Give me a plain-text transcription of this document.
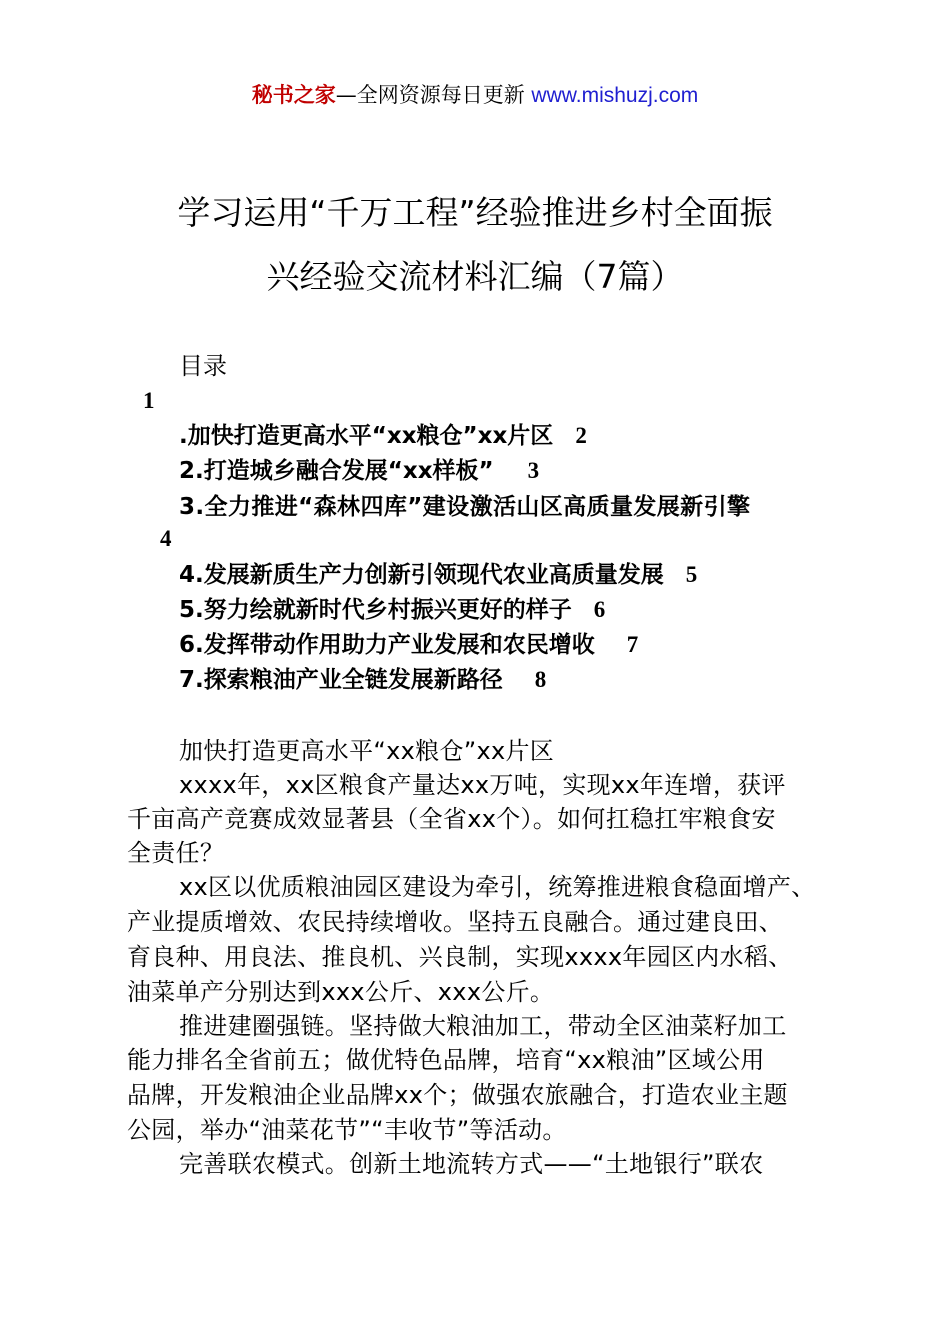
秘书之家—全网资源每日更新 www.mishuzj.com
学习运用“千万工程”经验推进乡村全面振
兴经验交流材料汇编（7篇）
目录
1
.加快打造更高水平“xx粮仓”xx片区 2
2.打造城乡融合发展“xx样板” 3
3.全力推进“森林四库”建设激活山区高质量发展新引擎
4
4.发展新质生产力创新引领现代农业高质量发展 5
5.努力绘就新时代乡村振兴更好的样子 6
6.发挥带动作用助力产业发展和农民增收 7
7.探索粮油产业全链发展新路径 8
加快打造更高水平“xx粮仓”xx片区
xxxx年，xx区粮食产量达xx万吨，实现xx年连增，获评
千亩高产竞赛成效显著县（全省xx个）。如何扛稳扛牢粮食安
全责任？
xx区以优质粮油园区建设为牵引，统筹推进粮食稳面增产、
产业提质增效、农民持续增收。坚持五良融合。通过建良田、
育良种、用良法、推良机、兴良制，实现xxxx年园区内水稻、
油菜单产分别达到xxx公斤、xxx公斤。
推进建圈强链。坚持做大粮油加工，带动全区油菜籽加工
能力排名全省前五；做优特色品牌，培育“xx粮油”区域公用
品牌，开发粮油企业品牌xx个；做强农旅融合，打造农业主题
公园，举办“油菜花节”“丰收节”等活动。
完善联农模式。创新土地流转方式——“土地银行”联农
